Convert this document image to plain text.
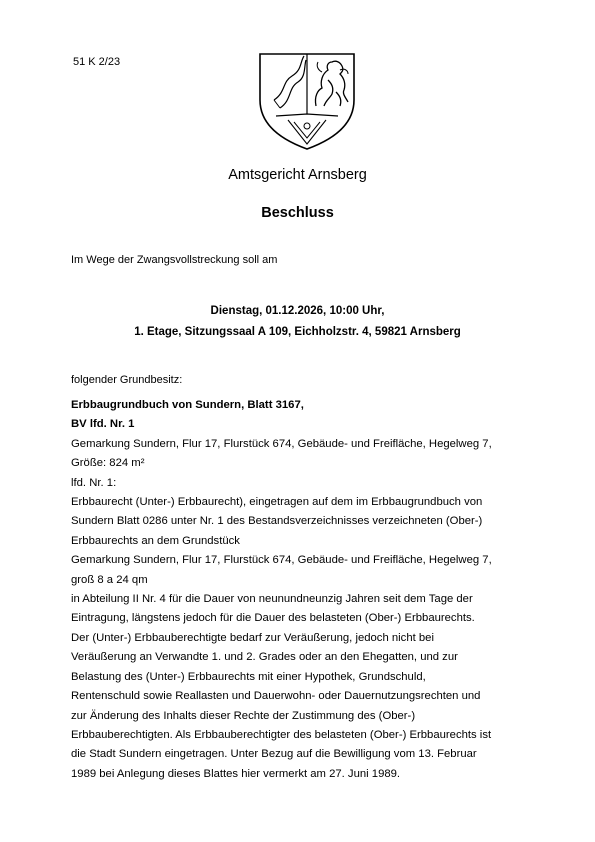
51 K 2/23
Amtsgericht Arnsberg
Beschluss
Im Wege der Zwangsvollstreckung soll am
Dienstag, 01.12.2026, 10:00 Uhr,
1. Etage, Sitzungssaal A 109, Eichholzstr. 4, 59821 Arnsberg
folgender Grundbesitz:
Erbbaugrundbuch von Sundern, Blatt 3167,
BV lfd. Nr. 1
Gemarkung Sundern, Flur 17, Flurstück 674, Gebäude- und Freifläche, Hegelweg 7,
Größe: 824 m²
lfd. Nr. 1:
Erbbaurecht (Unter-) Erbbaurecht), eingetragen auf dem im Erbbaugrundbuch von
Sundern Blatt 0286 unter Nr. 1 des Bestandsverzeichnisses verzeichneten (Ober-)
Erbbaurechts an dem Grundstück
Gemarkung Sundern, Flur 17, Flurstück 674, Gebäude- und Freifläche, Hegelweg 7,
groß 8 a 24 qm
in Abteilung II Nr. 4 für die Dauer von neunundneunzig Jahren seit dem Tage der
Eintragung, längstens jedoch für die Dauer des belasteten (Ober-) Erbbaurechts.
Der (Unter-) Erbbauberechtigte bedarf zur Veräußerung, jedoch nicht bei
Veräußerung an Verwandte 1. und 2. Grades oder an den Ehegatten, und zur
Belastung des (Unter-) Erbbaurechts mit einer Hypothek, Grundschuld,
Rentenschuld sowie Reallasten und Dauerwohn- oder Dauernutzungsrechten und
zur Änderung des Inhalts dieser Rechte der Zustimmung des (Ober-)
Erbbauberechtigten. Als Erbbauberechtigter des belasteten (Ober-) Erbbaurechts ist
die Stadt Sundern eingetragen. Unter Bezug auf die Bewilligung vom 13. Februar
1989 bei Anlegung dieses Blattes hier vermerkt am 27. Juni 1989.
